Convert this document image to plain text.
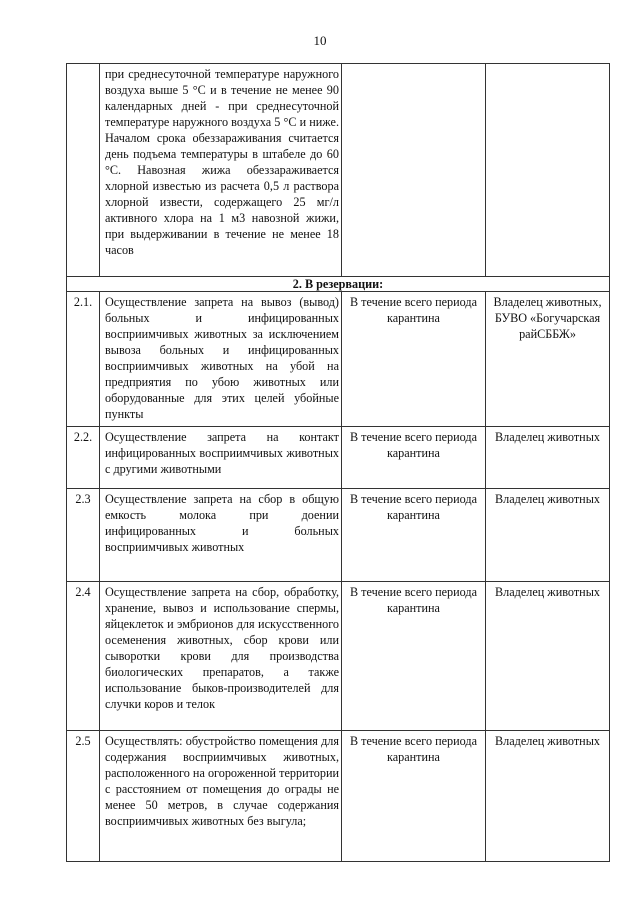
10

	при среднесуточной температуре наружного воздуха выше 5 °С и в течение не менее 90 календарных дней - при среднесуточной температуре наружного воздуха 5 °С и ниже. Началом срока обеззараживания считается день подъема температуры в штабеле до 60 °С. Навозная жижа обеззараживается хлорной известью из расчета 0,5 л раствора хлорной извести, содержащего 25 мг/л активного хлора на 1 м3 навозной жижи, при выдерживании в течение не менее 18 часов		

2. В резервации:			
2.1.	Осуществление запрета на вывоз (вывод) больных и инфицированных восприимчивых животных за исключением вывоза больных и инфицированных восприимчивых животных на убой на предприятия по убою животных или оборудованные для этих целей убойные пункты	В течение всего периода карантина	Владелец животных, БУВО «Богучарская райСББЖ»
2.2.	Осуществление запрета на контакт инфицированных восприимчивых животных с другими животными	В течение всего периода карантина	Владелец животных
2.3	Осуществление запрета на сбор в общую емкость молока при доении инфицированных и больных восприимчивых животных	В течение всего периода карантина	Владелец животных
2.4	Осуществление запрета на сбор, обработку, хранение, вывоз и использование спермы, яйцеклеток и эмбрионов для искусственного осеменения животных, сбор крови или сыворотки крови для производства биологических препаратов, а также использование быков-производителей для случки коров и телок	В течение всего периода карантина	Владелец животных
2.5	Осуществлять: обустройство помещения для содержания восприимчивых животных, расположенного на огороженной территории с расстоянием от помещения до ограды не менее 50 метров, в случае содержания восприимчивых животных без выгула;	В течение всего периода карантина	Владелец животных
